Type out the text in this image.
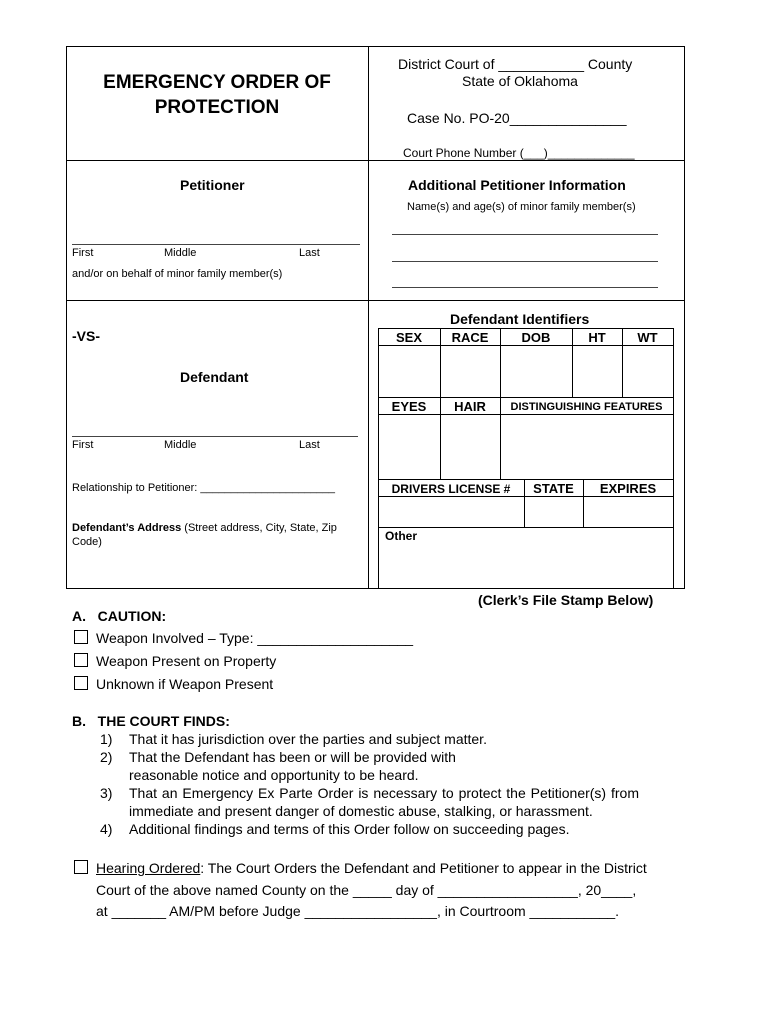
EMERGENCY ORDER OF
PROTECTION
District Court of ___________ County
State of Oklahoma
Case No. PO-20_______________
Court Phone Number (___)_____________
Petitioner
First	Middle	Last
and/or on behalf of minor family member(s)
Additional Petitioner Information
Name(s) and age(s) of minor family member(s)
-VS-
Defendant
First	Middle	Last
Relationship to Petitioner: ______________________
Defendant’s Address (Street address, City, State, Zip
Code)
Defendant Identifiers
SEX	RACE	DOB	HT	WT
EYES	HAIR	DISTINGUISHING FEATURES
DRIVERS LICENSE #	STATE	EXPIRES
Other
(Clerk’s File Stamp Below)
A.   CAUTION:
Weapon Involved – Type: ____________________
Weapon Present on Property
Unknown if Weapon Present
B.   THE COURT FINDS:
1) That it has jurisdiction over the parties and subject matter.
2) That the Defendant has been or will be provided with
reasonable notice and opportunity to be heard.
3) That an Emergency Ex Parte Order is necessary to protect the Petitioner(s) from
immediate and present danger of domestic abuse, stalking, or harassment.
4) Additional findings and terms of this Order follow on succeeding pages.
Hearing Ordered: The Court Orders the Defendant and Petitioner to appear in the District
Court of the above named County on the _____ day of __________________, 20____,
at _______ AM/PM before Judge _________________, in Courtroom ___________.
